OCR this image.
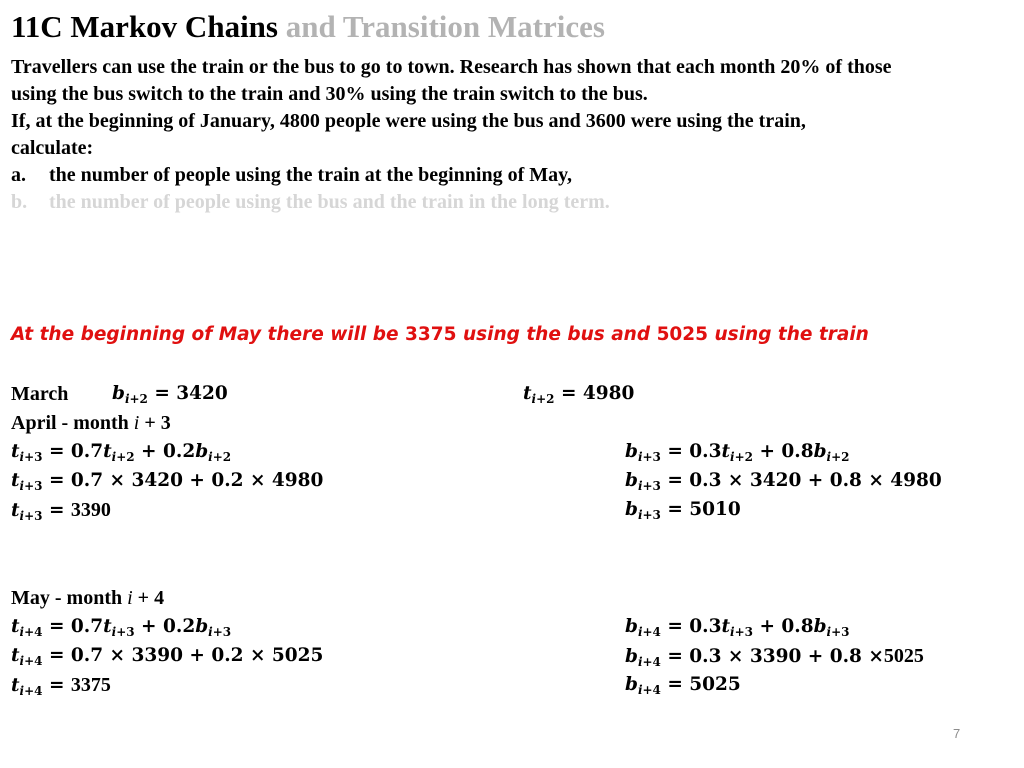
11C Markov Chains and Transition Matrices
Travellers can use the train or the bus to go to town. Research has shown that each month 20% of those
using the bus switch to the train and 30% using the train switch to the bus.
If, at the beginning of January, 4800 people were using the bus and 3600 were using the train,
calculate:
a. the number of people using the train at the beginning of May,
b. the number of people using the bus and the train in the long term.
At the beginning of May there will be 3375 using the bus and 5025 using the train
March $b_{i+2} = 3420$	$t_{i+2} = 4980$
April - month i + 3
$t_{i+3} = 0.7t_{i+2} + 0.2b_{i+2}$	$b_{i+3} = 0.3t_{i+2} + 0.8b_{i+2}$
$t_{i+3} = 0.7 \times 3420 + 0.2 \times 4980$	$b_{i+3} = 0.3 \times 3420 + 0.8 \times 4980$
$t_{i+3} = 3390$	$b_{i+3} = 5010$
May - month i + 4
$t_{i+4} = 0.7t_{i+3} + 0.2b_{i+3}$	$b_{i+4} = 0.3t_{i+3} + 0.8b_{i+3}$
$t_{i+4} = 0.7 \times 3390 + 0.2 \times 5025$	$b_{i+4} = 0.3 \times 3390 + 0.8 \times 5025$
$t_{i+4} = 3375$	$b_{i+4} = 5025$
7
